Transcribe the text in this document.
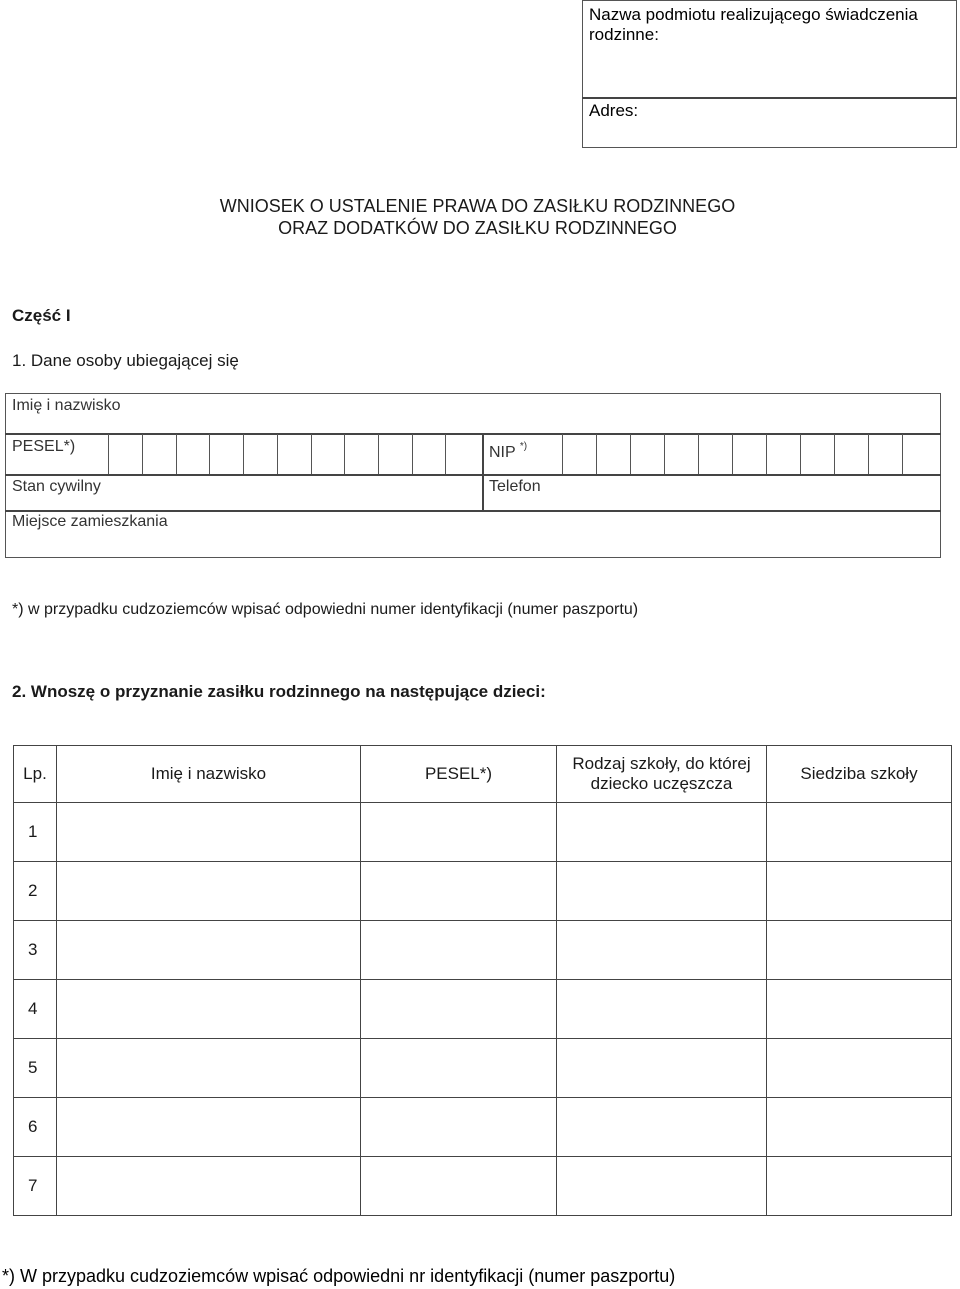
Nazwa podmiotu realizującego świadczenia
rodzinne:
Adres:
WNIOSEK O USTALENIE PRAWA DO ZASIŁKU RODZINNEGO
ORAZ DODATKÓW DO ZASIŁKU RODZINNEGO
Część I
1. Dane osoby ubiegającej się
Imię i nazwisko
PESEL*)	NIP *)
Stan cywilny	Telefon
Miejsce zamieszkania
*) w przypadku cudzoziemców wpisać odpowiedni numer identyfikacji (numer paszportu)
2. Wnoszę o przyznanie zasiłku rodzinnego na następujące dzieci:
Lp.	Imię i nazwisko	PESEL*)	Rodzaj szkoły, do której
dziecko uczęszcza	Siedziba szkoły
1				
2				
3				
4				
5				
6				
7				
*) W przypadku cudzoziemców wpisać odpowiedni nr identyfikacji (numer paszportu)
